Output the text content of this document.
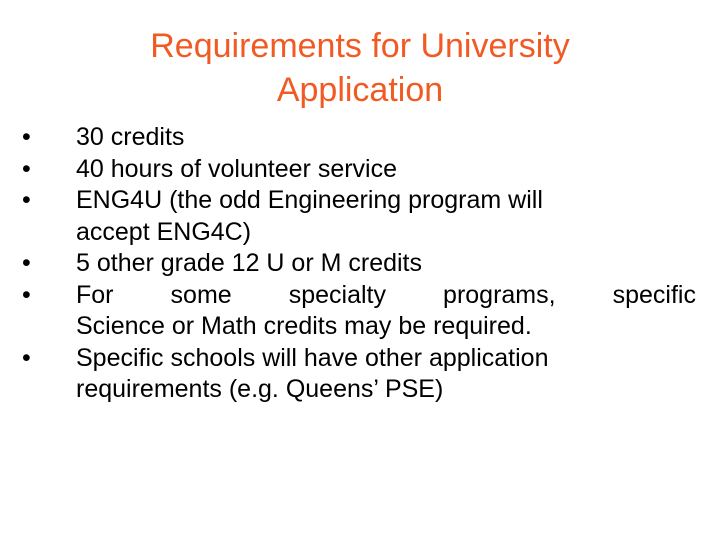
Requirements for University
Application
•	30 credits
•	40 hours of volunteer service
•	ENG4U (the odd Engineering program will
accept ENG4C)
•	5 other grade 12 U or M credits
•	For some specialty programs, specific
Science or Math credits may be required.
•	Specific schools will have other application
requirements (e.g. Queens’ PSE)
